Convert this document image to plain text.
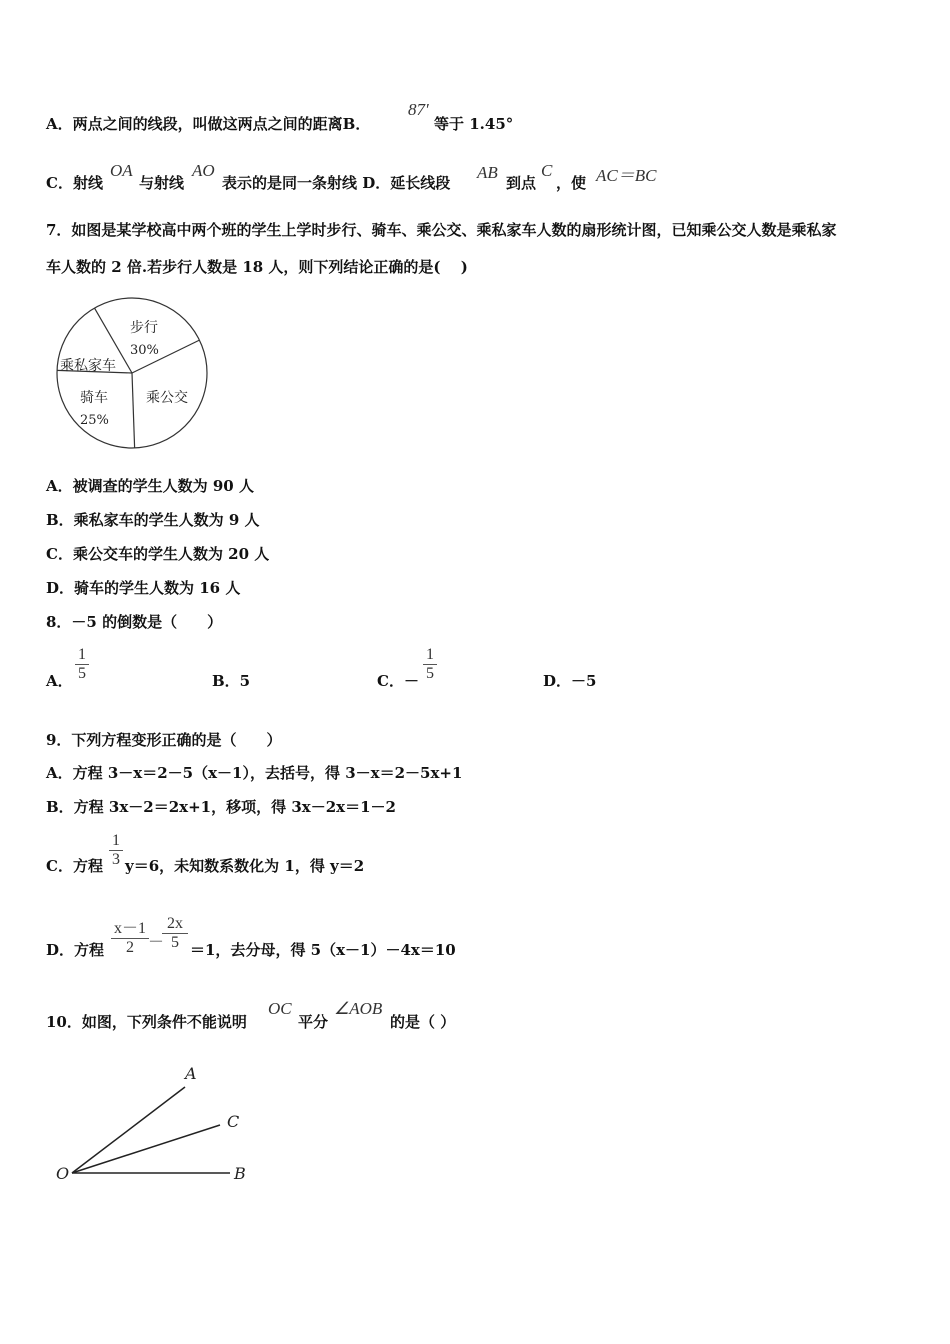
A．两点之间的线段，叫做这两点之间的距离B．
87′
等于 1.45°
C．射线
OA
与射线
AO
表示的是同一条射线 D．延长线段
AB
到点
C
，使 AC＝BC
7．如图是某学校高中两个班的学生上学时步行、骑车、乘公交、乘私家车人数的扇形统计图，已知乘公交人数是乘私家
车人数的 2 倍.若步行人数是 18 人，则下列结论正确的是(　 )
步行
30%
乘公交
骑车
25%
乘私家车
A．被调查的学生人数为 90 人
B．乘私家车的学生人数为 9 人
C．乘公交车的学生人数为 20 人
D．骑车的学生人数为 16 人
8．－5 的倒数是（　　）
A．
1
5	B．5	C．－
1
5	D．－5
9．下列方程变形正确的是（　　）
A．方程 3－x＝2－5（x－1），去括号，得 3－x＝2－5x+1
B．方程 3x－2＝2x+1，移项，得 3x－2x＝1－2
C．方程
1
3 y＝6，未知数系数化为 1，得 y＝2
D．方程
x－1
2 －
2x
5 ＝1，去分母，得 5（x－1）－4x＝10
10．如图，下列条件不能说明
OC
平分
∠AOB
的是（ ）
A
C
O	B
